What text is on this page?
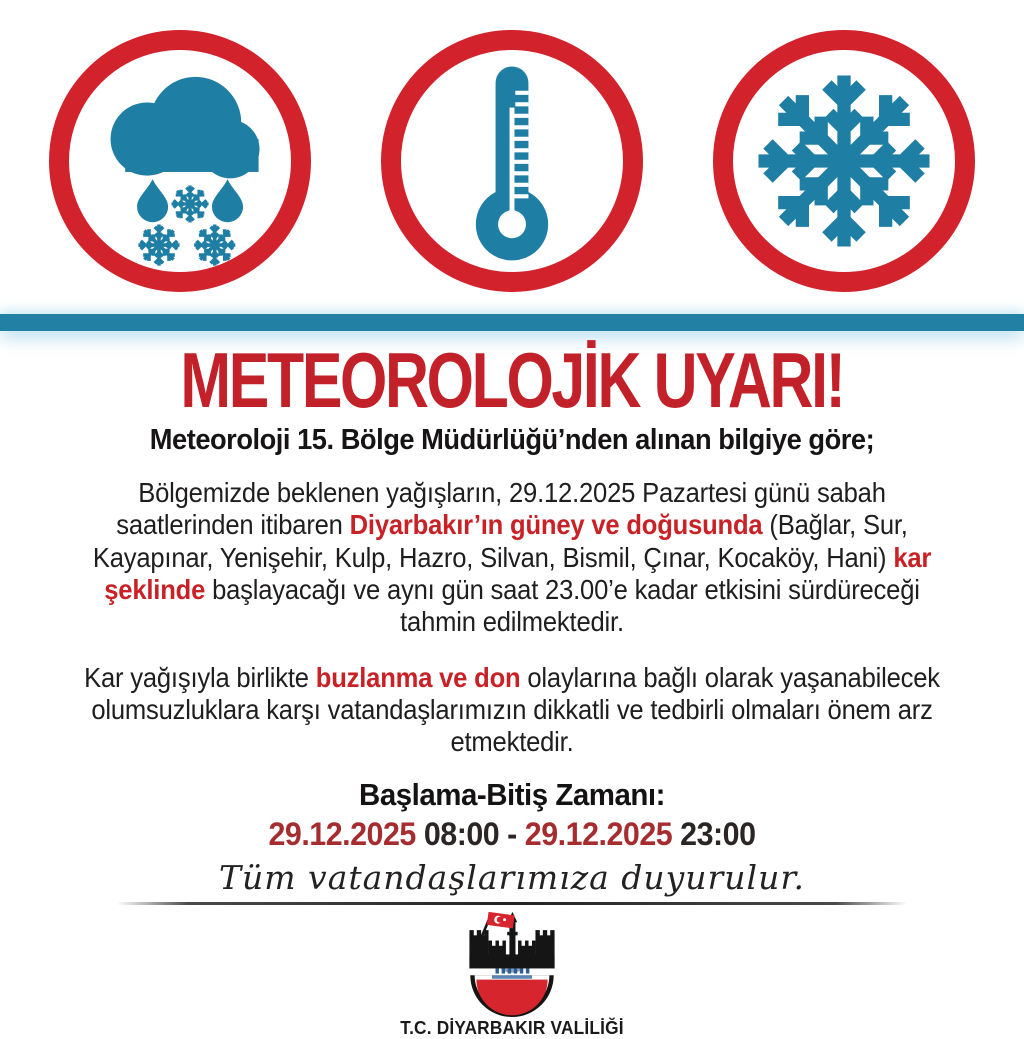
METEOROLOJİK UYARI!
Meteoroloji 15. Bölge Müdürlüğü’nden alınan bilgiye göre;
Bölgemizde beklenen yağışların, 29.12.2025 Pazartesi günü sabah saatlerinden itibaren Diyarbakır’ın güney ve doğusunda (Bağlar, Sur, Kayapınar, Yenişehir, Kulp, Hazro, Silvan, Bismil, Çınar, Kocaköy, Hani) kar şeklinde başlayacağı ve aynı gün saat 23.00’e kadar etkisini sürdüreceği tahmin edilmektedir.
Kar yağışıyla birlikte buzlanma ve don olaylarına bağlı olarak yaşanabilecek olumsuzluklara karşı vatandaşlarımızın dikkatli ve tedbirli olmaları önem arz etmektedir.
Başlama-Bitiş Zamanı:
29.12.2025 08:00 - 29.12.2025 23:00
Tüm vatandaşlarımıza duyurulur.
T.C. DİYARBAKIR VALİLİĞİ
